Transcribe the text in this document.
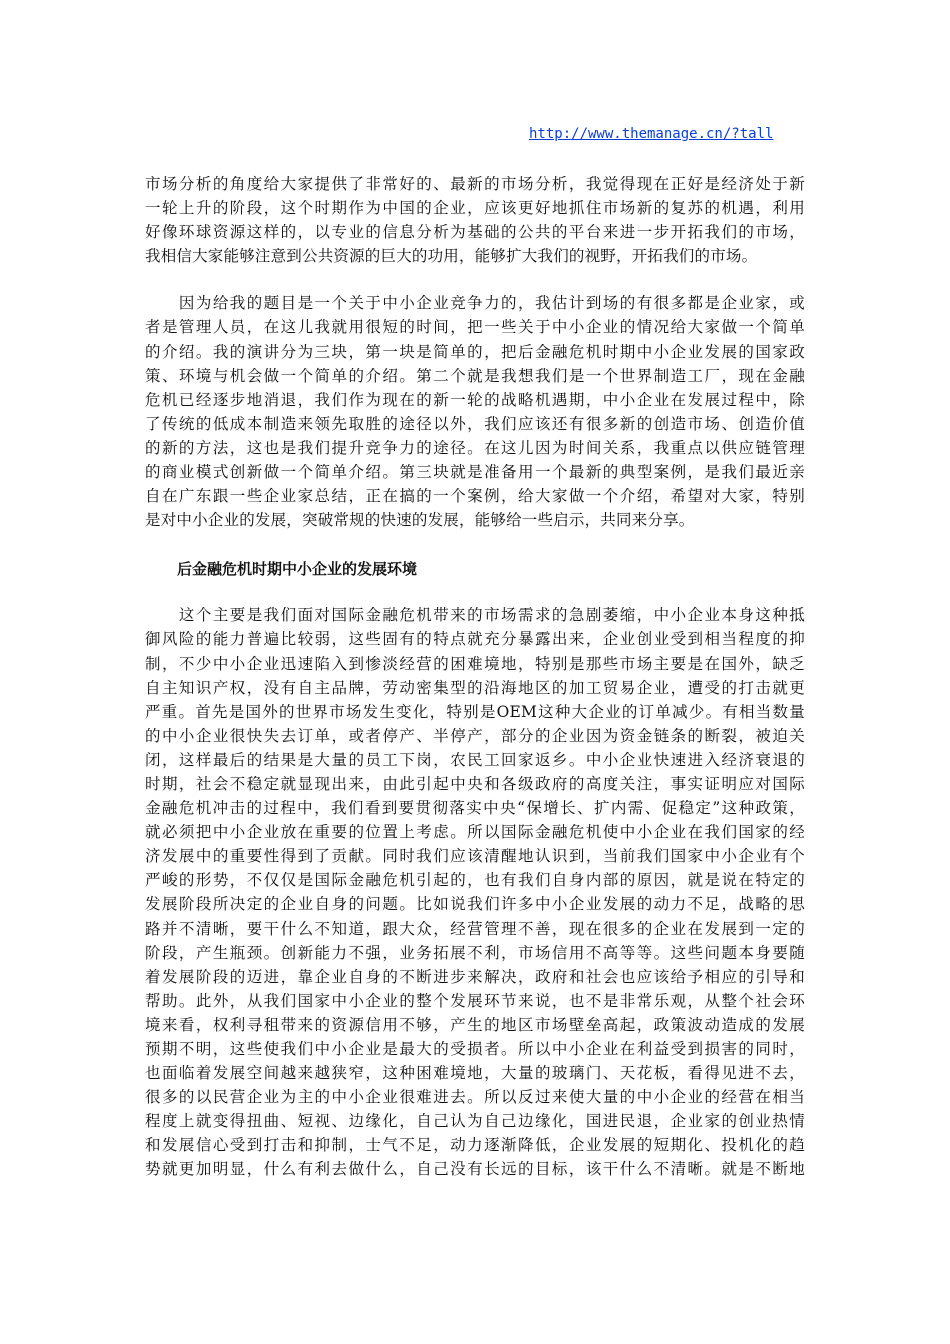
http://www.themanage.cn/?tall
市场分析的角度给大家提供了非常好的、最新的市场分析，我觉得现在正好是经济处于新
一轮上升的阶段，这个时期作为中国的企业，应该更好地抓住市场新的复苏的机遇，利用
好像环球资源这样的，以专业的信息分析为基础的公共的平台来进一步开拓我们的市场，
我相信大家能够注意到公共资源的巨大的功用，能够扩大我们的视野，开拓我们的市场。
　　因为给我的题目是一个关于中小企业竞争力的，我估计到场的有很多都是企业家，或
者是管理人员，在这儿我就用很短的时间，把一些关于中小企业的情况给大家做一个简单
的介绍。我的演讲分为三块，第一块是简单的，把后金融危机时期中小企业发展的国家政
策、环境与机会做一个简单的介绍。第二个就是我想我们是一个世界制造工厂，现在金融
危机已经逐步地消退，我们作为现在的新一轮的战略机遇期，中小企业在发展过程中，除
了传统的低成本制造来领先取胜的途径以外，我们应该还有很多新的创造市场、创造价值
的新的方法，这也是我们提升竞争力的途径。在这儿因为时间关系，我重点以供应链管理
的商业模式创新做一个简单介绍。第三块就是准备用一个最新的典型案例，是我们最近亲
自在广东跟一些企业家总结，正在搞的一个案例，给大家做一个介绍，希望对大家，特别
是对中小企业的发展，突破常规的快速的发展，能够给一些启示，共同来分享。
后金融危机时期中小企业的发展环境
　　这个主要是我们面对国际金融危机带来的市场需求的急剧萎缩，中小企业本身这种抵
御风险的能力普遍比较弱，这些固有的特点就充分暴露出来，企业创业受到相当程度的抑
制，不少中小企业迅速陷入到惨淡经营的困难境地，特别是那些市场主要是在国外，缺乏
自主知识产权，没有自主品牌，劳动密集型的沿海地区的加工贸易企业，遭受的打击就更
严重。首先是国外的世界市场发生变化，特别是OEM这种大企业的订单减少。有相当数量
的中小企业很快失去订单，或者停产、半停产，部分的企业因为资金链条的断裂，被迫关
闭，这样最后的结果是大量的员工下岗，农民工回家返乡。中小企业快速进入经济衰退的
时期，社会不稳定就显现出来，由此引起中央和各级政府的高度关注，事实证明应对国际
金融危机冲击的过程中，我们看到要贯彻落实中央“保增长、扩内需、促稳定”这种政策，
就必须把中小企业放在重要的位置上考虑。所以国际金融危机使中小企业在我们国家的经
济发展中的重要性得到了贡献。同时我们应该清醒地认识到，当前我们国家中小企业有个
严峻的形势，不仅仅是国际金融危机引起的，也有我们自身内部的原因，就是说在特定的
发展阶段所决定的企业自身的问题。比如说我们许多中小企业发展的动力不足，战略的思
路并不清晰，要干什么不知道，跟大众，经营管理不善，现在很多的企业在发展到一定的
阶段，产生瓶颈。创新能力不强，业务拓展不利，市场信用不高等等。这些问题本身要随
着发展阶段的迈进，靠企业自身的不断进步来解决，政府和社会也应该给予相应的引导和
帮助。此外，从我们国家中小企业的整个发展环节来说，也不是非常乐观，从整个社会环
境来看，权利寻租带来的资源信用不够，产生的地区市场壁垒高起，政策波动造成的发展
预期不明，这些使我们中小企业是最大的受损者。所以中小企业在利益受到损害的同时，
也面临着发展空间越来越狭窄，这种困难境地，大量的玻璃门、天花板，看得见进不去，
很多的以民营企业为主的中小企业很难进去。所以反过来使大量的中小企业的经营在相当
程度上就变得扭曲、短视、边缘化，自己认为自己边缘化，国进民退，企业家的创业热情
和发展信心受到打击和抑制，士气不足，动力逐渐降低，企业发展的短期化、投机化的趋
势就更加明显，什么有利去做什么，自己没有长远的目标，该干什么不清晰。就是不断地
